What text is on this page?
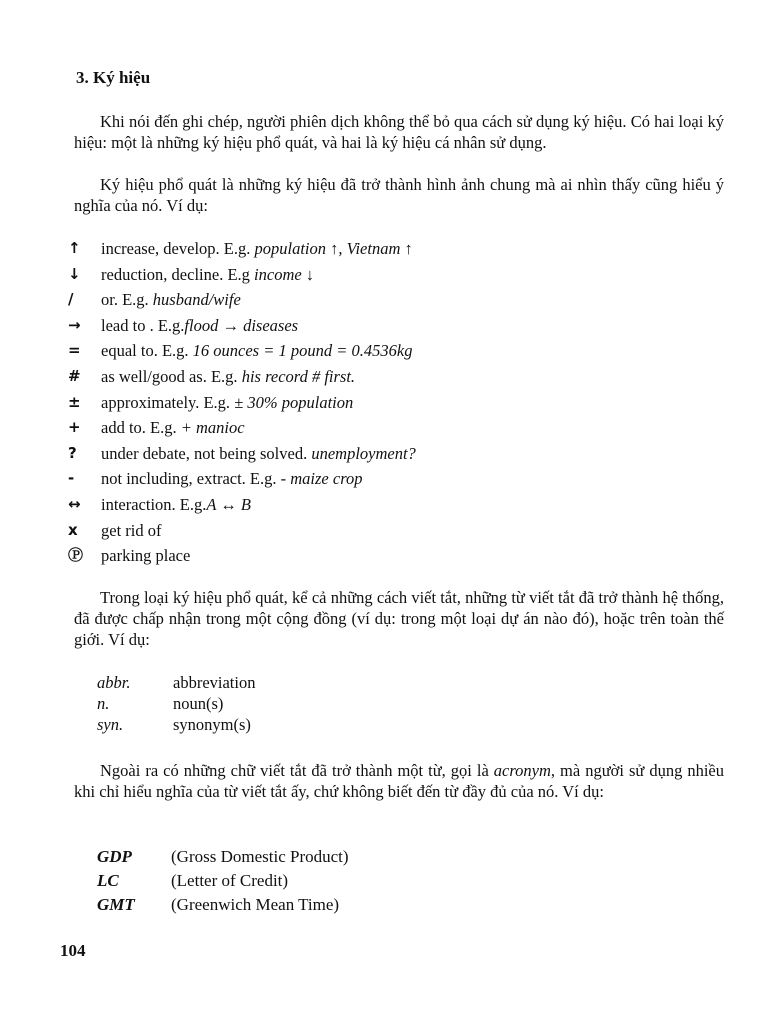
3. Ký hiệu
Khi nói đến ghi chép, người phiên dịch không thể bỏ qua cách sử dụng ký hiệu. Có hai loại ký hiệu: một là những ký hiệu phổ quát, và hai là ký hiệu cá nhân sử dụng.
Ký hiệu phổ quát là những ký hiệu đã trở thành hình ảnh chung mà ai nhìn thấy cũng hiểu ý nghĩa của nó. Ví dụ:
↑	increase, develop. E.g. population ↑, Vietnam ↑
↓	reduction, decline. E.g income ↓
/	or. E.g. husband/wife
→	lead to . E.g.flood → diseases
=	equal to. E.g. 16 ounces = 1 pound = 0.4536kg
#	as well/good as. E.g. his record # first.
±	approximately. E.g. ± 30% population
+	add to. E.g. + manioc
?	under debate, not being solved. unemployment?
-	not including, extract. E.g. - maize crop
↔	interaction. E.g.A ↔ B
x	get rid of
Ⓟ	parking place
Trong loại ký hiệu phổ quát, kể cả những cách viết tắt, những từ viết tắt đã trở thành hệ thống, đã được chấp nhận trong một cộng đồng (ví dụ: trong một loại dự án nào đó), hoặc trên toàn thế giới. Ví dụ:
abbr.	abbreviation
n.	noun(s)
syn.	synonym(s)
Ngoài ra có những chữ viết tắt đã trở thành một từ, gọi là acronym, mà người sử dụng nhiều khi chỉ hiểu nghĩa của từ viết tắt ấy, chứ không biết đến từ đầy đủ của nó. Ví dụ:
GDP (Gross Domestic Product)
LC	(Letter of Credit)
GMT (Greenwich Mean Time)
104
